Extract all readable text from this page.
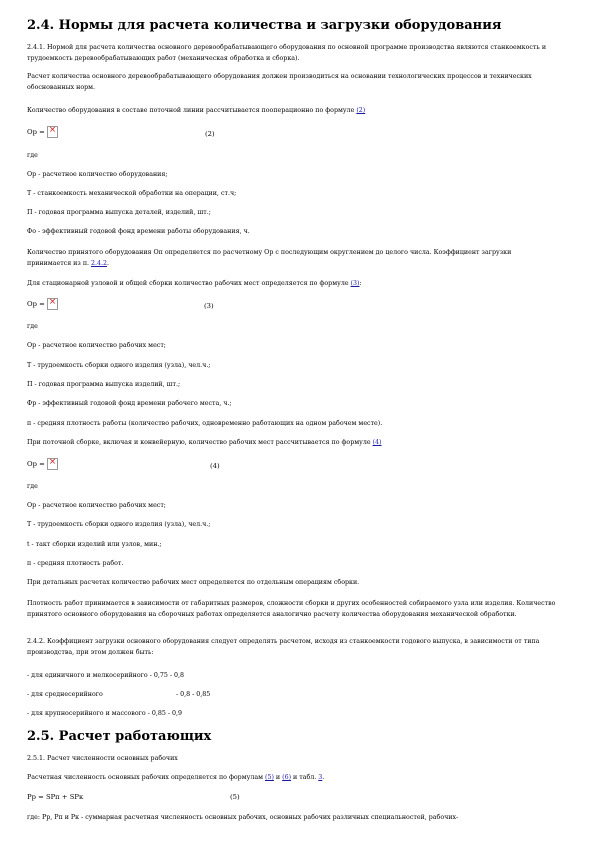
2.4. Нормы для расчета количества и загрузки оборудования
2.4.1. Нормой для расчета количества основного деревообрабатывающего оборудования по основной программе производства являются станкоемкость и трудоемкость деревообрабатывающих работ (механическая обработка и сборка).
Расчет количества основного деревообрабатывающего оборудования должен производиться на основании технологических процессов и технических обоснованных норм.
Количество оборудования в составе поточной линии рассчитывается пооперационно по формуле (2)
Ор = ×	(2)
где
Ор - расчетное количество оборудования;
Т - станкоемкость механической обработки на операции, ст.ч;
П - годовая программа выпуска деталей, изделий, шт.;
Фо - эффективный годовой фонд времени работы оборудования, ч.
Количество принятого оборудования Оп определяется по расчетному Ор с последующим округлением до целого числа. Коэффициент загрузки принимается из п. 2.4.2.
Для стационарной узловой и общей сборки количество рабочих мест определяется по формуле (3):
Ор = ×	(3)
где
Ор - расчетное количество рабочих мест;
Т - трудоемкость сборки одного изделия (узла), чел.ч.;
П - годовая программа выпуска изделий, шт.;
Фр - эффективный годовой фонд времени рабочего места, ч.;
п - средняя плотность работы (количество рабочих, одновременно работающих на одном рабочем месте).
При поточной сборке, включая и конвейерную, количество рабочих мест рассчитывается по формуле (4)
Ор = ×	(4)
где
Ор - расчетное количество рабочих мест;
Т - трудоемкость сборки одного изделия (узла), чел.ч.;
t - такт сборки изделий или узлов, мин.;
п - средняя плотность работ.
При детальных расчетах количество рабочих мест определяется по отдельным операциям сборки.
Плотность работ принимается в зависимости от габаритных размеров, сложности сборки и других особенностей собираемого узла или изделия. Количество принятого основного оборудования на сборочных работах определяется аналогично расчету количества оборудования механической обработки.
2.4.2. Коэффициент загрузки основного оборудования следует определять расчетом, исходя из станкоемкости годового выпуска, в зависимости от типа производства, при этом должен быть:
- для единичного и мелкосерийного - 0,75 - 0,8
- для среднесерийного	- 0,8 - 0,85
- для крупносерийного и массового - 0,85 - 0,9
2.5. Расчет работающих
2.5.1. Расчет численности основных рабочих
Расчетная численность основных рабочих определяется по формулам (5) и (6) и табл. 3.
Рр = SРп + SРк	(5)
где: Рр, Рп и Рк - суммарная расчетная численность основных рабочих, основных рабочих различных специальностей, рабочих-
